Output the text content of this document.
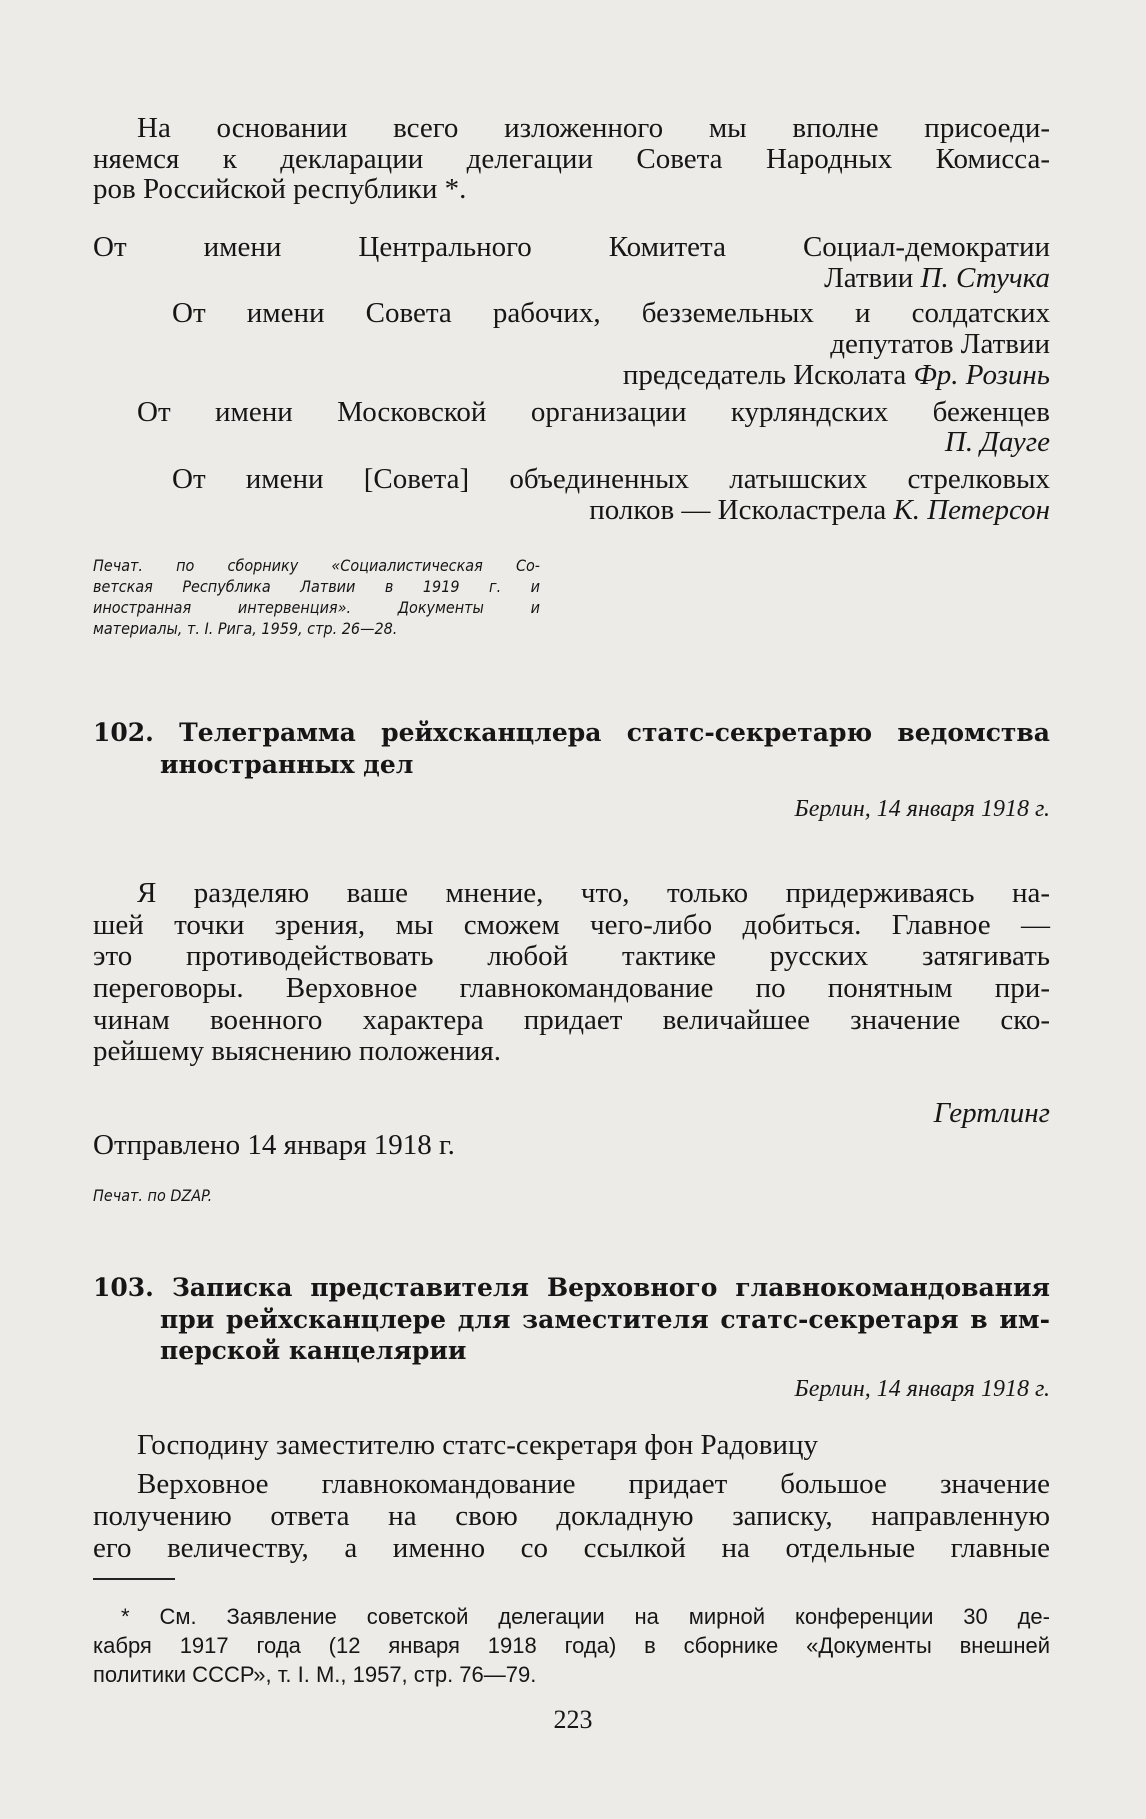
На основании всего изложенного мы вполне присоеди-
няемся к декларации делегации Совета Народных Комисса-
ров Российской республики *.
От имени Центрального Комитета Социал-демократии
Латвии П. Стучка
От имени Совета рабочих, безземельных и солдатских
депутатов Латвии
председатель Исколата Фр. Розинь
От имени Московской организации курляндских беженцев
П. Дауге
От имени [Совета] объединенных латышских стрелковых
полков — Исколастрела К. Петерсон
Печат. по сборнику «Социалистическая Со-
ветская Республика Латвии в 1919 г. и
иностранная интервенция». Документы и
материалы, т. I. Рига, 1959, стр. 26—28.
102. Телеграмма рейхсканцлера статс-секретарю ведомства
иностранных дел
Берлин, 14 января 1918 г.
Я разделяю ваше мнение, что, только придерживаясь на-
шей точки зрения, мы сможем чего-либо добиться. Главное —
это противодействовать любой тактике русских затягивать
переговоры. Верховное главнокомандование по понятным при-
чинам военного характера придает величайшее значение ско-
рейшему выяснению положения.
Гертлинг
Отправлено 14 января 1918 г.
Печат. по DZAP.
103. Записка представителя Верховного главнокомандования
при рейхсканцлере для заместителя статс-секретаря в им-
перской канцелярии
Берлин, 14 января 1918 г.
Господину заместителю статс-секретаря фон Радовицу
Верховное главнокомандование придает большое значение
получению ответа на свою докладную записку, направленную
его величеству, а именно со ссылкой на отдельные главные
* См. Заявление советской делегации на мирной конференции 30 де-
кабря 1917 года (12 января 1918 года) в сборнике «Документы внешней
политики СССР», т. I. М., 1957, стр. 76—79.
223
